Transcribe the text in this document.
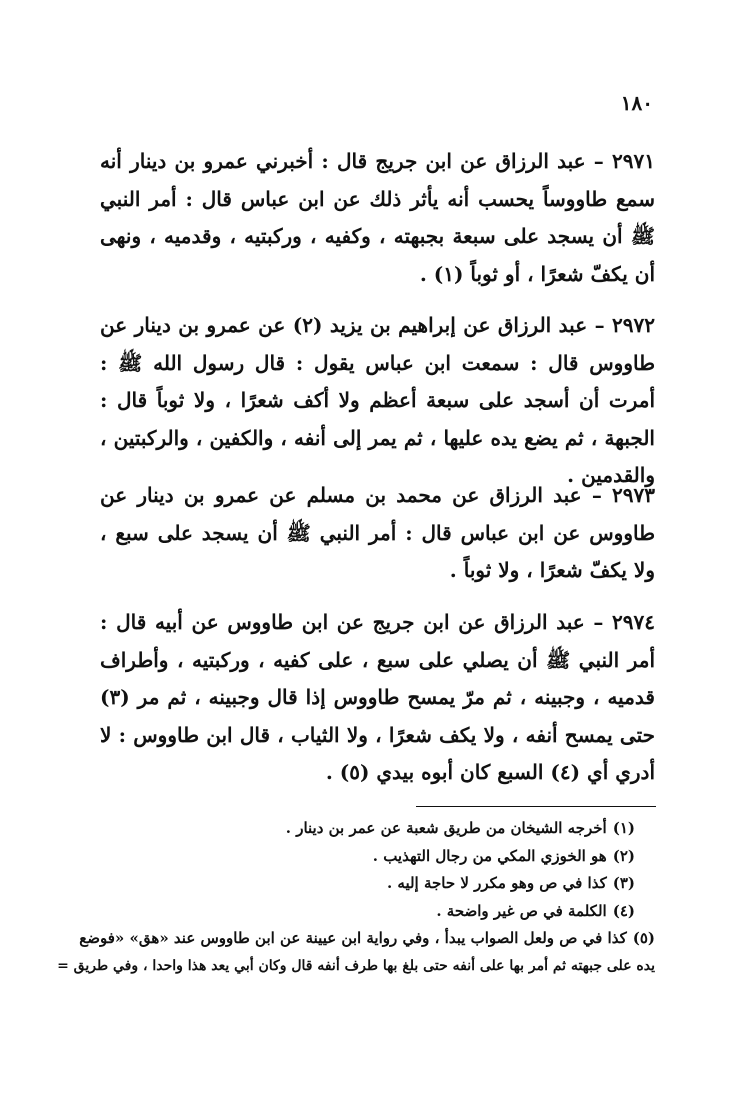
١٨٠

٢٩٧١ – عبد الرزاق عن ابن جريج قال : أخبرني عمرو بن دينار أنه سمع طاووساً يحسب أنه يأثر ذلك عن ابن عباس قال : أمر النبي ﷺ أن يسجد على سبعة بجبهته ، وكفيه ، وركبتيه ، وقدميه ، ونهى أن يكفّ شعرًا ، أو ثوباً (١) .

٢٩٧٢ – عبد الرزاق عن إبراهيم بن يزيد (٢) عن عمرو بن دينار عن طاووس قال : سمعت ابن عباس يقول : قال رسول الله ﷺ : أمرت أن أسجد على سبعة أعظم ولا أكف شعرًا ، ولا ثوباً قال : الجبهة ، ثم يضع يده عليها ، ثم يمر إلى أنفه ، والكفين ، والركبتين ، والقدمين .

٢٩٧٣ – عبد الرزاق عن محمد بن مسلم عن عمرو بن دينار عن طاووس عن ابن عباس قال : أمر النبي ﷺ أن يسجد على سبع ، ولا يكفّ شعرًا ، ولا ثوباً .

٢٩٧٤ – عبد الرزاق عن ابن جريج عن ابن طاووس عن أبيه قال : أمر النبي ﷺ أن يصلي على سبع ، على كفيه ، وركبتيه ، وأطراف قدميه ، وجبينه ، ثم مرّ يمسح طاووس إذا قال وجبينه ، ثم مر (٣) حتى يمسح أنفه ، ولا يكف شعرًا ، ولا الثياب ، قال ابن طاووس : لا أدري أي (٤) السبع كان أبوه بيدي (٥) .

(١)أخرجه الشيخان من طريق شعبة عن عمر بن دينار .
(٢)هو الخوزي المكي من رجال التهذيب .
(٣)كذا في ص وهو مكرر لا حاجة إليه .
(٤)الكلمة في ص غير واضحة .
(٥)كذا في ص ولعل الصواب يبدأ ، وفي رواية ابن عيينة عن ابن طاووس عند «هق» «فوضع
يده على جبهته ثم أمر بها على أنفه حتى بلغ بها طرف أنفه قال وكان أبي يعد هذا واحدا ، وفي طريق =
